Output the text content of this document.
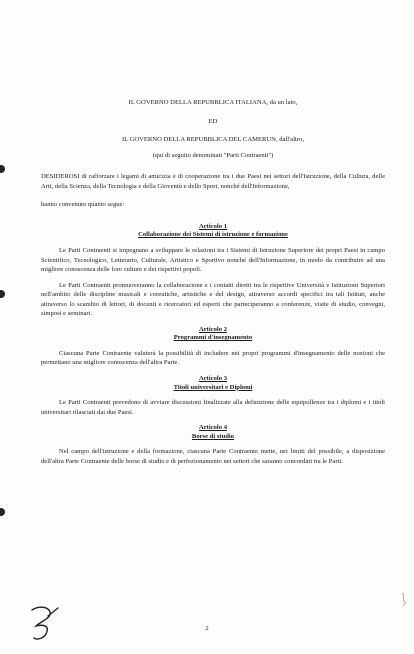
IL GOVERNO DELLA REPUBBLICA ITALIANA, da un lato,
ED
IL GOVERNO DELLA REPUBBLICA DEL CAMERUN, dall'altro,
(qui di seguito denominati "Parti Contraenti")
DESIDEROSI di rafforzare i legami di amicizia e di cooperazione tra i due Paesi nei settori dell'Istruzione, della Cultura, delle Arti, della Scienza, della Tecnologia e della Gioventù e dello Sport, nonché dell'Informazione,
hanno convenuto quanto segue:
Articolo 1
Collaborazione dei Sistemi di istruzione e formazione
Le Parti Contraenti si impegnano a sviluppare le relazioni tra i Sistemi di Istruzione Superiore dei propri Paesi in campo Scientifico, Tecnologico, Letterario, Culturale, Artistico e Sportivo nonché dell'Informazione, in modo da contribuire ad una migliore conoscenza delle loro culture e dei rispettivi popoli.
Le Parti Contraenti promuoveranno la collaborazione e i contatti diretti tra le rispettive Università e Istituzioni Superiori nell'ambito delle discipline musicali e coreutiche, artistiche e del design, attraverso accordi specifici tra tali Istituti, anche attraverso lo scambio di lettori, di docenti e ricercatori ed esperti che parteciperanno a conferenze, visite di studio, convegni, simposi e seminari.
Articolo 2
Programmi d'insegnamento
Ciascuna Parte Contraente valuterà la possibilità di includere nei propri programmi d'insegnamento delle nozioni che permettano una migliore conoscenza dell'altra Parte.
Articolo 3
Titoli universitari e Diplomi
Le Parti Contraenti prevedono di avviare discussioni finalizzate alla definizione delle equipollenze tra i diplomi e i titoli universitari rilasciati dai due Paesi.
Articolo 4
Borse di studio
Nel campo dell'istruzione e della formazione, ciascuna Parte Contraente mette, nei limiti del possibile, a disposizione dell'altra Parte Contraente delle borse di studio e di perfezionamento nei settori che saranno concordati tra le Parti.
2
